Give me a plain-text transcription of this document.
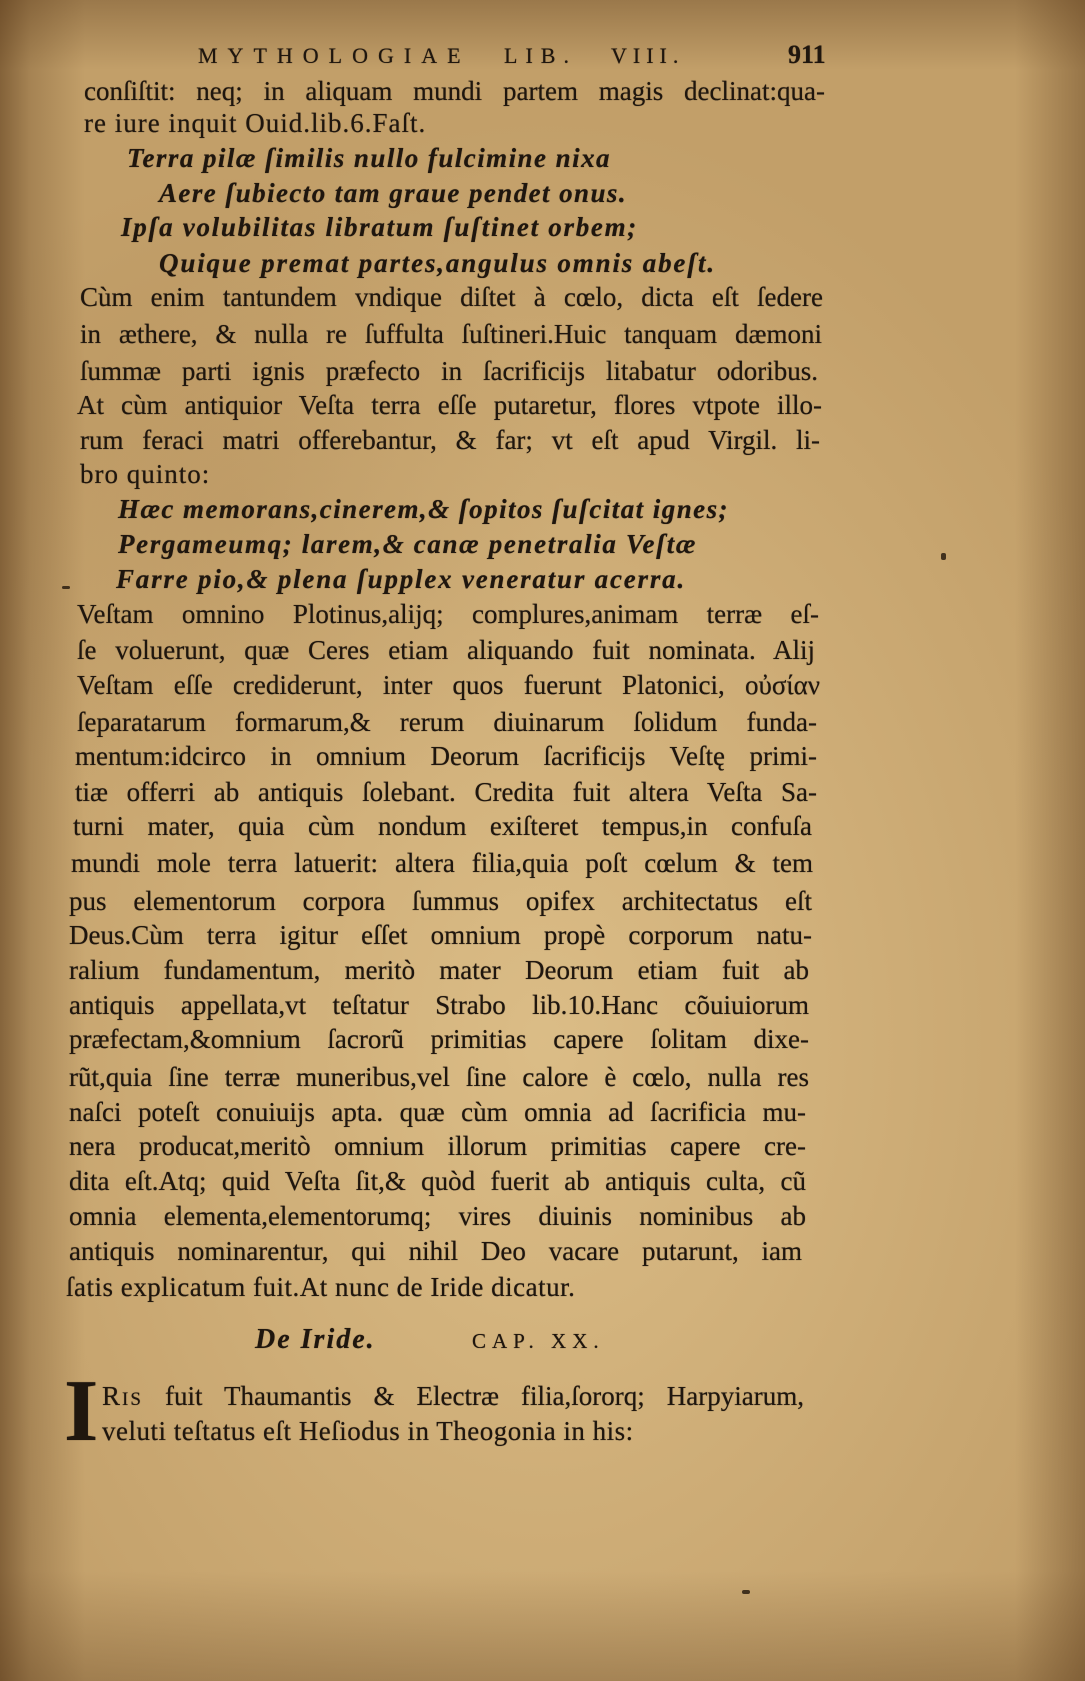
MYTHOLOGIAE LIB. VIII.	911
conſiſtit: neq; in aliquam mundi partem magis declinat:qua-
re iure inquit Ouid.lib.6.Faſt.
Terra pilæ ſimilis nullo fulcimine nixa
Aere ſubiecto tam graue pendet onus.
Ipſa volubilitas libratum ſuſtinet orbem;
Quique premat partes,angulus omnis abeſt.
Cùm enim tantundem vndique diſtet à cœlo, dicta eſt ſedere
in æthere, & nulla re ſuffulta ſuſtineri.Huic tanquam dæmoni
ſummæ parti ignis præfecto in ſacrificijs litabatur odoribus.
At cùm antiquior Veſta terra eſſe putaretur, flores vtpote illo-
rum feraci matri offerebantur, & far; vt eſt apud Virgil. li-
bro quinto:
Hæc memorans,cinerem,& ſopitos ſuſcitat ignes;
Pergameumq; larem,& canæ penetralia Veſtæ
Farre pio,& plena ſupplex veneratur acerra.
Veſtam omnino Plotinus,alijq; complures,animam terræ eſ-
ſe voluerunt, quæ Ceres etiam aliquando fuit nominata. Alij
Veſtam eſſe crediderunt, inter quos fuerunt Platonici, οὐσίαν
ſeparatarum formarum,& rerum diuinarum ſolidum funda-
mentum:idcirco in omnium Deorum ſacrificijs Veſtę primi-
tiæ offerri ab antiquis ſolebant. Credita fuit altera Veſta Sa-
turni mater, quia cùm nondum exiſteret tempus,in confuſa
mundi mole terra latuerit: altera filia,quia poſt cœlum & tem
pus elementorum corpora ſummus opifex architectatus eſt
Deus.Cùm terra igitur eſſet omnium propè corporum natu-
ralium fundamentum, meritò mater Deorum etiam fuit ab
antiquis appellata,vt teſtatur Strabo lib.10.Hanc cõuiuiorum
præfectam,&omnium ſacrorũ primitias capere ſolitam dixe-
rũt,quia ſine terræ muneribus,vel ſine calore è cœlo, nulla res
naſci poteſt conuiuijs apta. quæ cùm omnia ad ſacrificia mu-
nera producat,meritò omnium illorum primitias capere cre-
dita eſt.Atq; quid Veſta ſit,& quòd fuerit ab antiquis culta, cũ
omnia elementa,elementorumq; vires diuinis nominibus ab
antiquis nominarentur, qui nihil Deo vacare putarunt, iam
ſatis explicatum fuit.At nunc de Iride dicatur.
De Iride.	CAP. XX.
I Ris fuit Thaumantis & Electræ filia,ſororq; Harpyiarum,
veluti teſtatus eſt Heſiodus in Theogonia in his:
